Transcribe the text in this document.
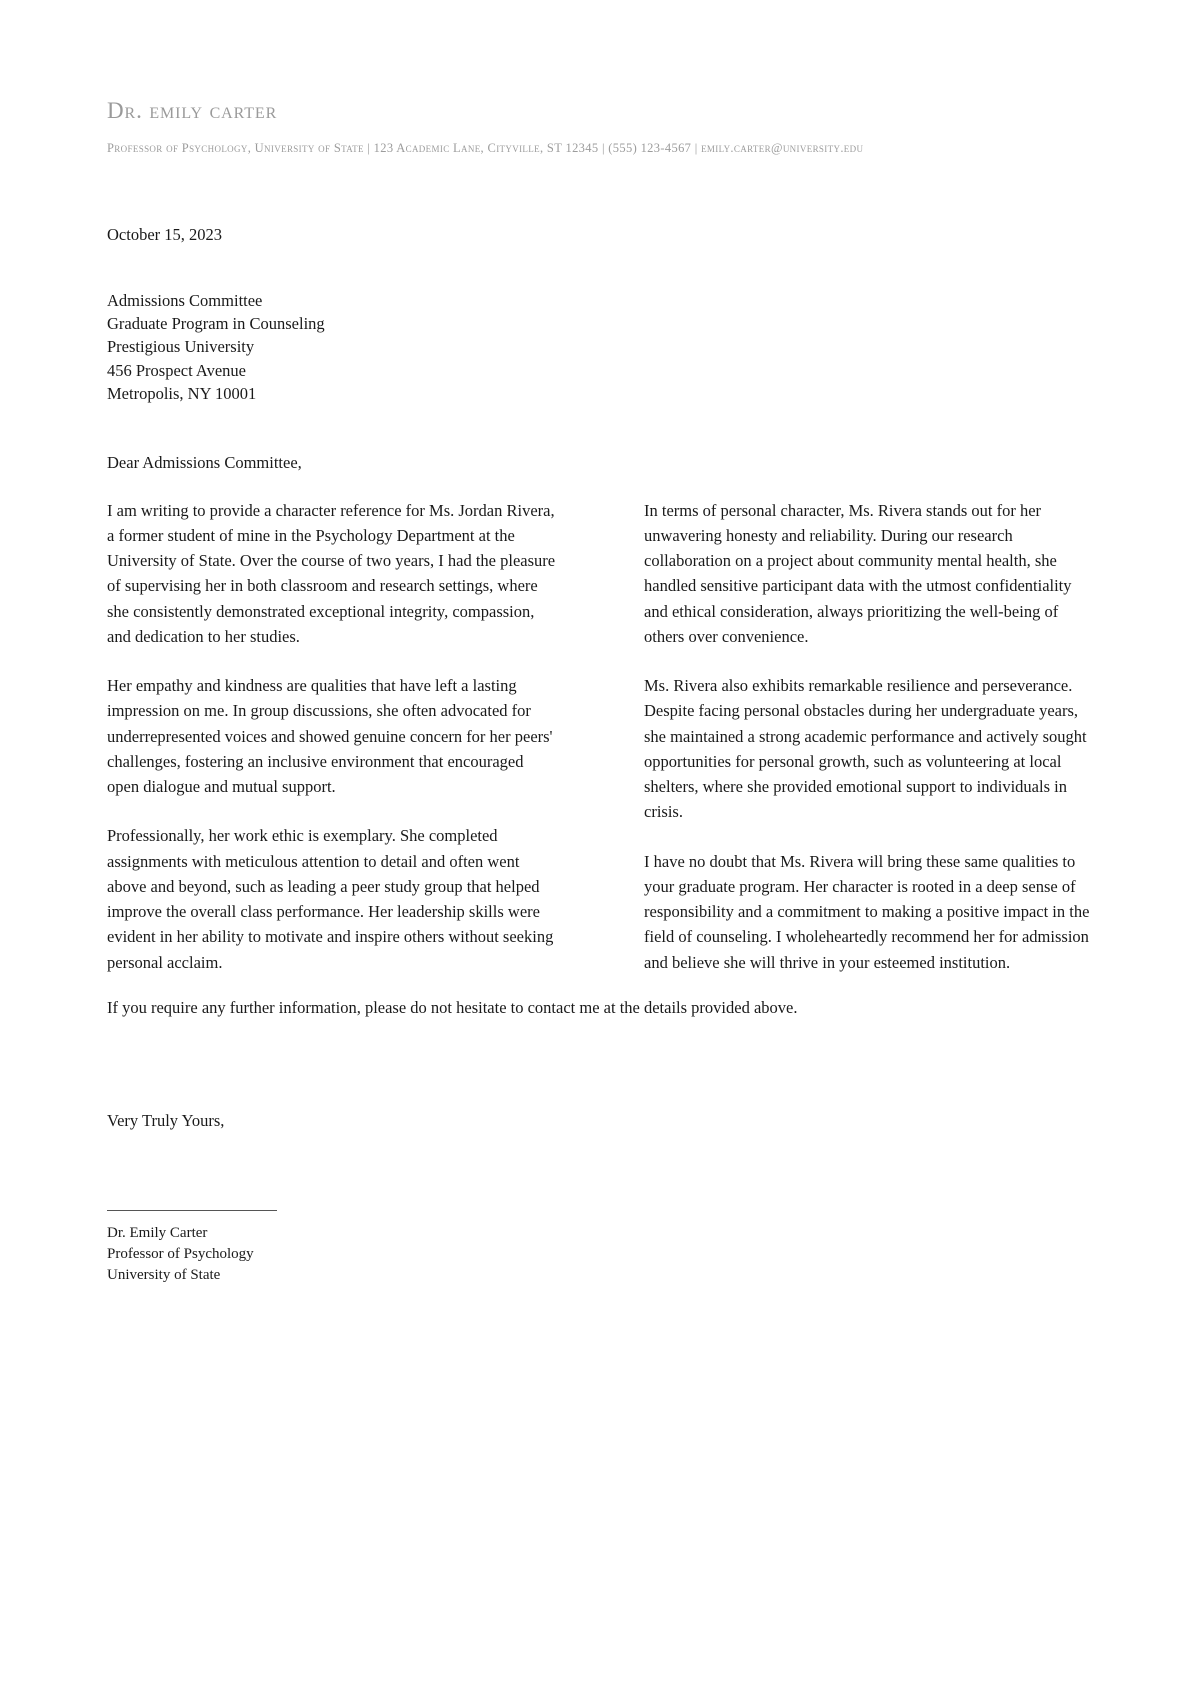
Dr. emily carter
Professor of Psychology, University of State | 123 Academic Lane, Cityville, ST 12345 | (555) 123-4567 | emily.carter@university.edu
October 15, 2023
Admissions Committee
Graduate Program in Counseling
Prestigious University
456 Prospect Avenue
Metropolis, NY 10001
Dear Admissions Committee,

I am writing to provide a character reference for Ms. Jordan Rivera, a former student of mine in the Psychology Department at the University of State. Over the course of two years, I had the pleasure of supervising her in both classroom and research settings, where she consistently demonstrated exceptional integrity, compassion, and dedication to her studies.

Her empathy and kindness are qualities that have left a lasting impression on me. In group discussions, she often advocated for underrepresented voices and showed genuine concern for her peers' challenges, fostering an inclusive environment that encouraged open dialogue and mutual support.

Professionally, her work ethic is exemplary. She completed assignments with meticulous attention to detail and often went above and beyond, such as leading a peer study group that helped improve the overall class performance. Her leadership skills were evident in her ability to motivate and inspire others without seeking personal acclaim.

In terms of personal character, Ms. Rivera stands out for her unwavering honesty and reliability. During our research collaboration on a project about community mental health, she handled sensitive participant data with the utmost confidentiality and ethical consideration, always prioritizing the well-being of others over convenience.

Ms. Rivera also exhibits remarkable resilience and perseverance. Despite facing personal obstacles during her undergraduate years, she maintained a strong academic performance and actively sought opportunities for personal growth, such as volunteering at local shelters, where she provided emotional support to individuals in crisis.

I have no doubt that Ms. Rivera will bring these same qualities to your graduate program. Her character is rooted in a deep sense of responsibility and a commitment to making a positive impact in the field of counseling. I wholeheartedly recommend her for admission and believe she will thrive in your esteemed institution.

If you require any further information, please do not hesitate to contact me at the details provided above.
Very Truly Yours,
Dr. Emily Carter
Professor of Psychology
University of State
